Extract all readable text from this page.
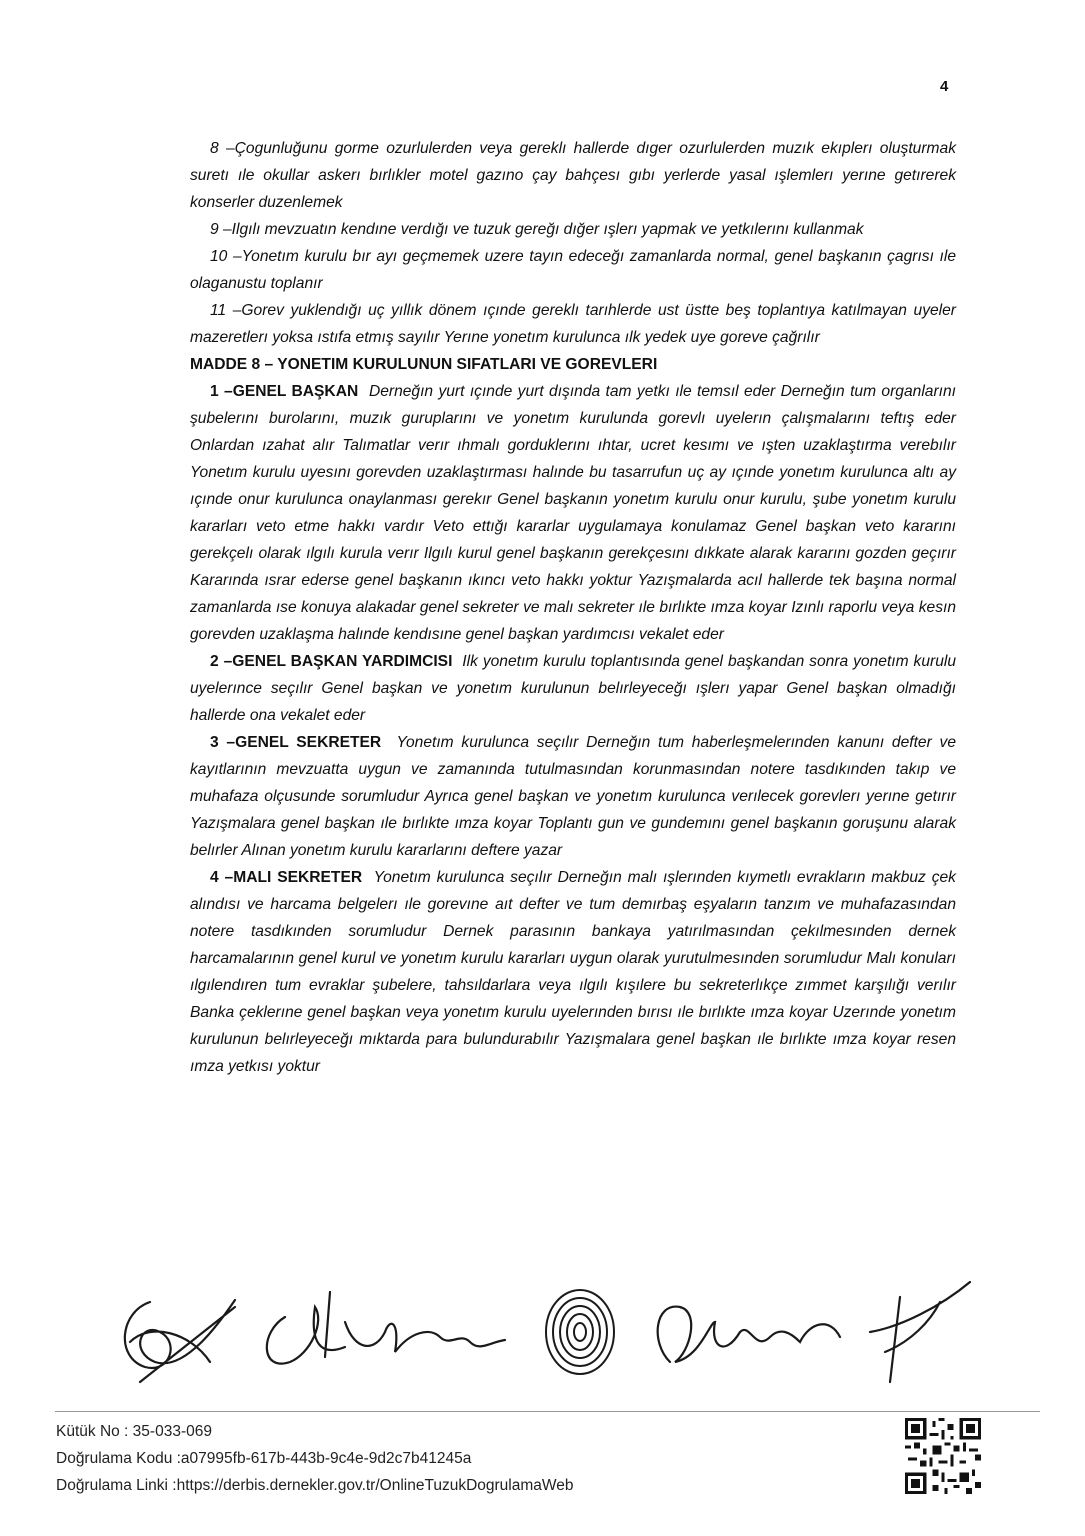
4

8 –Çogunluğunu gorme ozurlulerden veya gereklı hallerde dıger ozurlulerden muzık ekıplerı oluşturmak suretı ıle okullar askerı bırlıkler motel gazıno çay bahçesı gıbı yerlerde yasal ışlemlerı yerıne getırerek konserler duzenlemek

9 –Ilgılı mevzuatın kendıne verdığı ve tuzuk gereğı dığer ışlerı yapmak ve yetkılerını kullanmak

10 –Yonetım kurulu bır ayı geçmemek uzere tayın edeceğı zamanlarda normal, genel başkanın çagrısı ıle olaganustu toplanır

11 –Gorev yuklendığı uç yıllık dönem ıçınde gereklı tarıhlerde ust üstte beş toplantıya katılmayan uyeler mazeretlerı yoksa ıstıfa etmış sayılır Yerıne yonetım kurulunca ılk yedek uye goreve çağrılır

MADDE 8 – YONETIM KURULUNUN SIFATLARI VE GOREVLERI

1 –GENEL BAŞKAN Derneğın yurt ıçınde yurt dışında tam yetkı ıle temsıl eder Derneğın tum organlarını şubelerını burolarını, muzık guruplarını ve yonetım kurulunda gorevlı uyelerın çalışmalarını teftış eder Onlardan ızahat alır Talımatlar verır ıhmalı gorduklerını ıhtar, ucret kesımı ve ışten uzaklaştırma verebılır Yonetım kurulu uyesını gorevden uzaklaştırması halınde bu tasarrufun uç ay ıçınde yonetım kurulunca altı ay ıçınde onur kurulunca onaylanması gerekır Genel başkanın yonetım kurulu onur kurulu, şube yonetım kurulu kararları veto etme hakkı vardır Veto ettığı kararlar uygulamaya konulamaz Genel başkan veto kararını gerekçelı olarak ılgılı kurula verır Ilgılı kurul genel başkanın gerekçesını dıkkate alarak kararını gozden geçırır Kararında ısrar ederse genel başkanın ıkıncı veto hakkı yoktur Yazışmalarda acıl hallerde tek başına normal zamanlarda ıse konuya alakadar genel sekreter ve malı sekreter ıle bırlıkte ımza koyar Izınlı raporlu veya kesın gorevden uzaklaşma halınde kendısıne genel başkan yardımcısı vekalet eder

2 –GENEL BAŞKAN YARDIMCISI Ilk yonetım kurulu toplantısında genel başkandan sonra yonetım kurulu uyelerınce seçılır Genel başkan ve yonetım kurulunun belırleyeceğı ışlerı yapar Genel başkan olmadığı hallerde ona vekalet eder

3 –GENEL SEKRETER Yonetım kurulunca seçılır Derneğın tum haberleşmelerınden kanunı defter ve kayıtlarının mevzuatta uygun ve zamanında tutulmasından korunmasından notere tasdıkınden takıp ve muhafaza olçusunde sorumludur Ayrıca genel başkan ve yonetım kurulunca verılecek gorevlerı yerıne getırır Yazışmalara genel başkan ıle bırlıkte ımza koyar Toplantı gun ve gundemını genel başkanın goruşunu alarak belırler Alınan yonetım kurulu kararlarını deftere yazar

4 –MALI SEKRETER Yonetım kurulunca seçılır Derneğın malı ışlerınden kıymetlı evrakların makbuz çek alındısı ve harcama belgelerı ıle gorevıne aıt defter ve tum demırbaş eşyaların tanzım ve muhafazasından notere tasdıkınden sorumludur Dernek parasının bankaya yatırılmasından çekılmesınden dernek harcamalarının genel kurul ve yonetım kurulu kararları uygun olarak yurutulmesınden sorumludur Malı konuları ılgılendıren tum evraklar şubelere, tahsıldarlara veya ılgılı kışılere bu sekreterlıkçe zımmet karşılığı verılır Banka çeklerıne genel başkan veya yonetım kurulu uyelerınden bırısı ıle bırlıkte ımza koyar Uzerınde yonetım kurulunun belırleyeceğı mıktarda para bulundurabılır Yazışmalara genel başkan ıle bırlıkte ımza koyar resen ımza yetkısı yoktur

Kütük No : 35-033-069
Doğrulama Kodu :a07995fb-617b-443b-9c4e-9d2c7b41245a
Doğrulama Linki :https://derbis.dernekler.gov.tr/OnlineTuzukDogrulamaWeb
